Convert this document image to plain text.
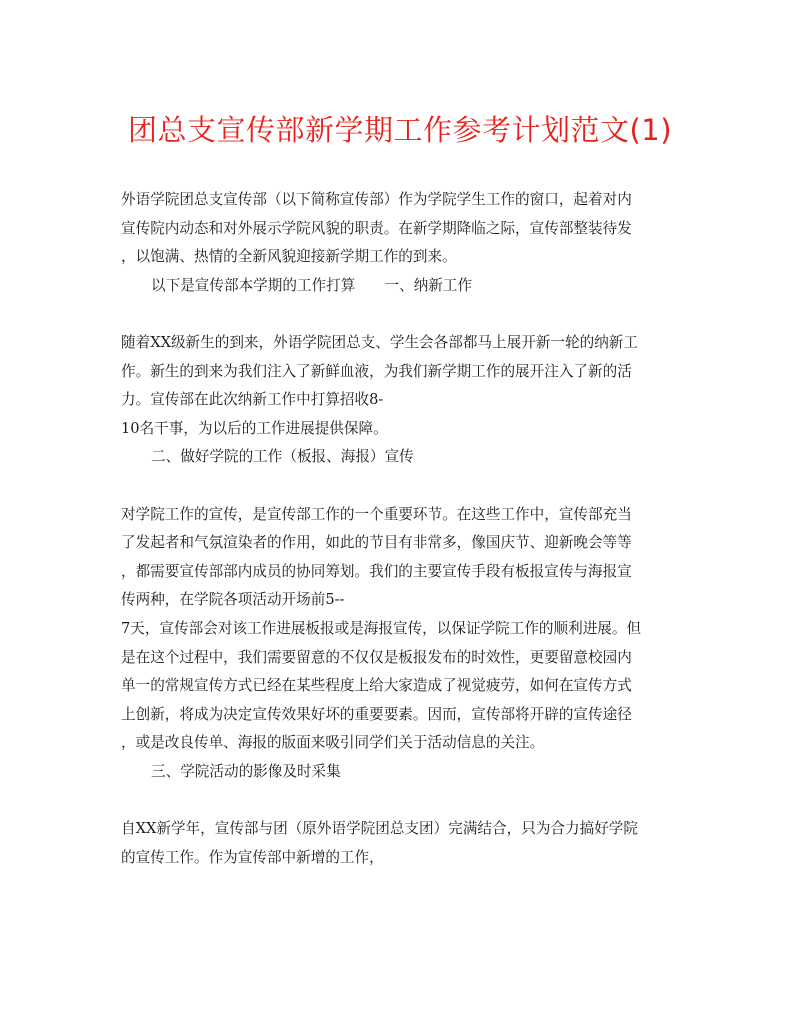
团总支宣传部新学期工作参考计划范文(1)
外语学院团总支宣传部（以下简称宣传部）作为学院学生工作的窗口，起着对内
宣传院内动态和对外展示学院风貌的职责。在新学期降临之际，宣传部整装待发
，以饱满、热情的全新风貌迎接新学期工作的到来。
以下是宣传部本学期的工作打算　　一、纳新工作
随着XX级新生的到来，外语学院团总支、学生会各部都马上展开新一轮的纳新工
作。新生的到来为我们注入了新鲜血液，为我们新学期工作的展开注入了新的活
力。宣传部在此次纳新工作中打算招收8-
10名干事，为以后的工作进展提供保障。
二、做好学院的工作（板报、海报）宣传
对学院工作的宣传，是宣传部工作的一个重要环节。在这些工作中，宣传部充当
了发起者和气氛渲染者的作用，如此的节目有非常多，像国庆节、迎新晚会等等
，都需要宣传部部内成员的协同筹划。我们的主要宣传手段有板报宣传与海报宣
传两种，在学院各项活动开场前5--
7天，宣传部会对该工作进展板报或是海报宣传，以保证学院工作的顺利进展。但
是在这个过程中，我们需要留意的不仅仅是板报发布的时效性，更要留意校园内
单一的常规宣传方式已经在某些程度上给大家造成了视觉疲劳，如何在宣传方式
上创新，将成为决定宣传效果好坏的重要要素。因而，宣传部将开辟的宣传途径
，或是改良传单、海报的版面来吸引同学们关于活动信息的关注。
三、学院活动的影像及时采集
自XX新学年，宣传部与团（原外语学院团总支团）完满结合，只为合力搞好学院
的宣传工作。作为宣传部中新增的工作，
